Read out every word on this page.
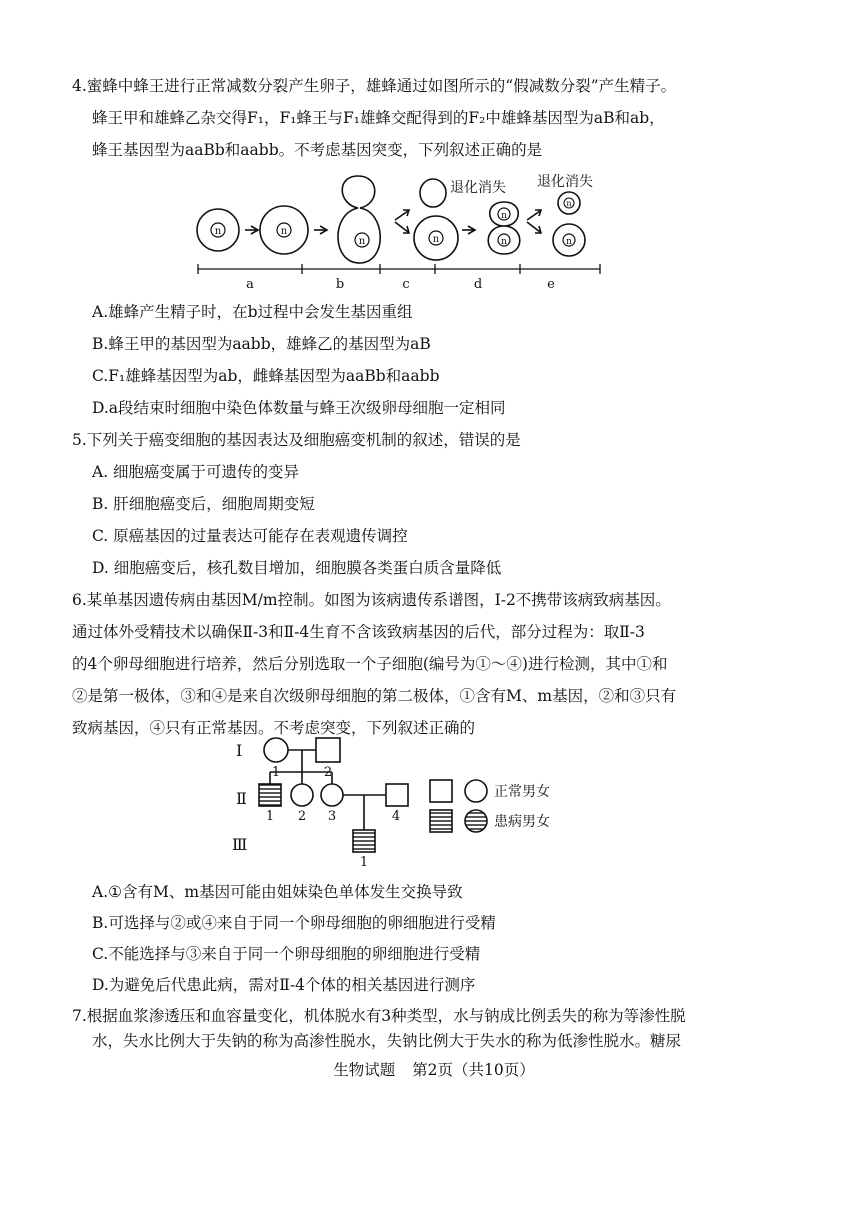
4.蜜蜂中蜂王进行正常减数分裂产生卵子，雄蜂通过如图所示的“假减数分裂”产生精子。
蜂王甲和雄蜂乙杂交得F₁，F₁蜂王与F₁雄蜂交配得到的F₂中雄蜂基因型为aB和ab，
蜂王基因型为aaBb和aabb。不考虑基因突变，下列叙述正确的是
n	n
n
退化消失
n
n
n
n
退化消失
n
a	b	c	d	e
A.雄蜂产生精子时，在b过程中会发生基因重组
B.蜂王甲的基因型为aabb，雄蜂乙的基因型为aB
C.F₁雄蜂基因型为ab，雌蜂基因型为aaBb和aabb
D.a段结束时细胞中染色体数量与蜂王次级卵母细胞一定相同
5.下列关于癌变细胞的基因表达及细胞癌变机制的叙述，错误的是
A. 细胞癌变属于可遗传的变异
B. 肝细胞癌变后，细胞周期变短
C. 原癌基因的过量表达可能存在表观遗传调控
D. 细胞癌变后，核孔数目增加，细胞膜各类蛋白质含量降低
6.某单基因遗传病由基因M/m控制。如图为该病遗传系谱图，Ⅰ-2不携带该病致病基因。
通过体外受精技术以确保Ⅱ-3和Ⅱ-4生育不含该致病基因的后代，部分过程为：取Ⅱ-3
的4个卵母细胞进行培养，然后分别选取一个子细胞(编号为①～④)进行检测，其中①和
②是第一极体，③和④是来自次级卵母细胞的第二极体，①含有M、m基因，②和③只有
致病基因，④只有正常基因。不考虑突变，下列叙述正确的
Ⅰ
Ⅱ
Ⅲ
1	2
1 2 3	4
1
正常男女
患病男女
A.①含有M、m基因可能由姐妹染色单体发生交换导致
B.可选择与②或④来自于同一个卵母细胞的卵细胞进行受精
C.不能选择与③来自于同一个卵母细胞的卵细胞进行受精
D.为避免后代患此病，需对Ⅱ-4个体的相关基因进行测序
7.根据血浆渗透压和血容量变化，机体脱水有3种类型，水与钠成比例丢失的称为等渗性脱
水，失水比例大于失钠的称为高渗性脱水，失钠比例大于失水的称为低渗性脱水。糖尿
生物试题 第2页（共10页）
